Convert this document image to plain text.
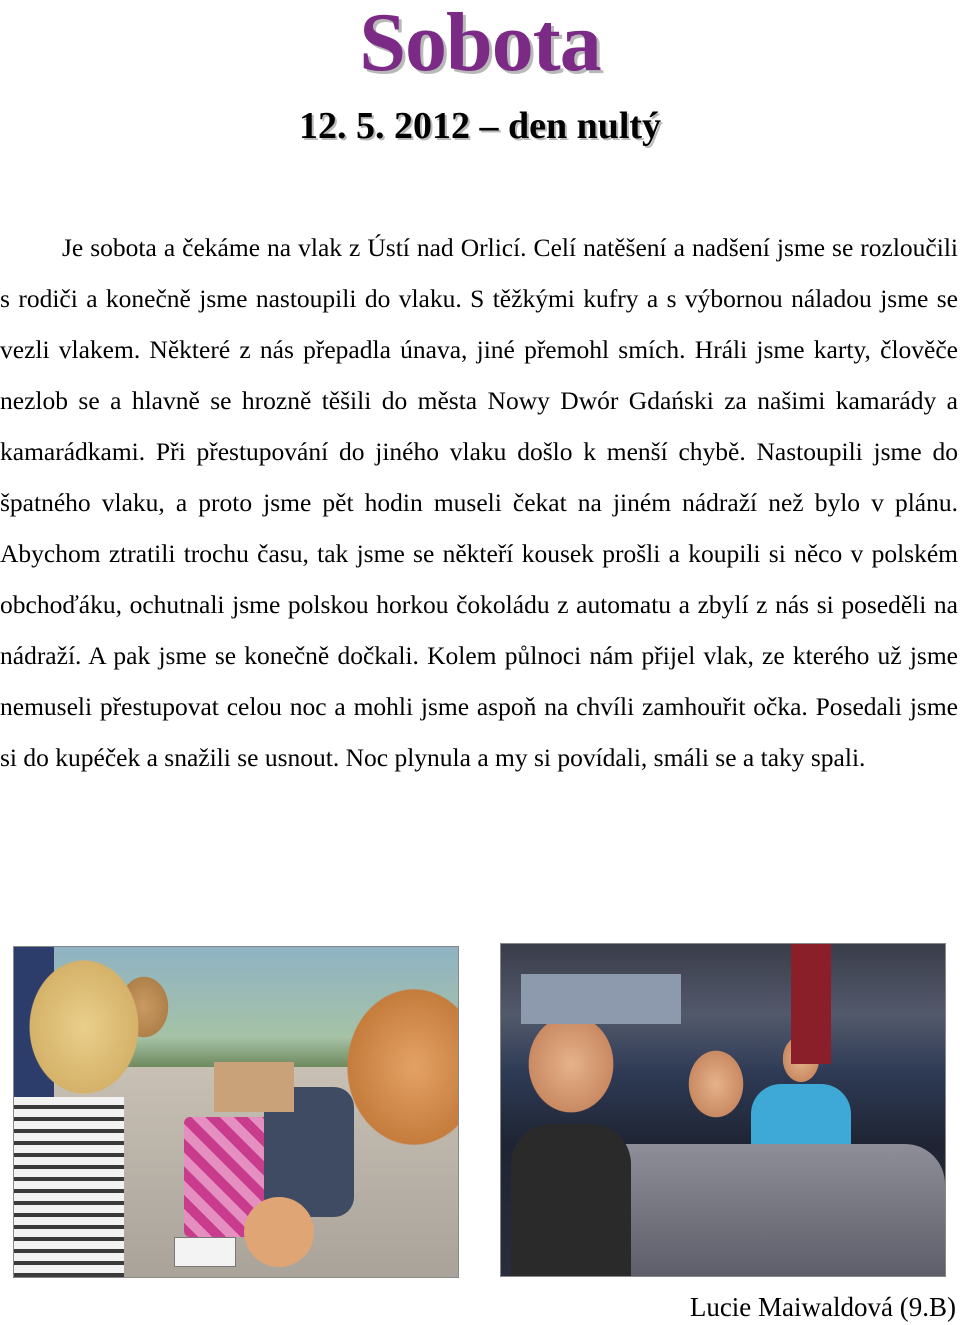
Sobota
12. 5. 2012 – den nultý

Je sobota a čekáme na vlak z Ústí nad Orlicí. Celí natěšení a nadšení jsme se rozloučili s rodiči a konečně jsme nastoupili do vlaku. S těžkými kufry a s výbornou náladou jsme se vezli vlakem. Některé z nás přepadla únava, jiné přemohl smích. Hráli jsme karty, člověče nezlob se a hlavně se hrozně těšili do města Nowy Dwór Gdański za našimi kamarády a kamarádkami. Při přestupování do jiného vlaku došlo k menší chybě. Nastoupili jsme do špatného vlaku, a proto jsme pět hodin museli čekat na jiném nádraží než bylo v plánu. Abychom ztratili trochu času, tak jsme se někteří kousek prošli a koupili si něco v polském obchoďáku, ochutnali jsme polskou horkou čokoládu z automatu a zbylí z nás si poseděli na nádraží. A pak jsme se konečně dočkali. Kolem půlnoci nám přijel vlak, ze kterého už jsme nemuseli přestupovat celou noc a mohli jsme aspoň na chvíli zamhouřit očka. Posedali jsme si do kupéček a snažili se usnout. Noc plynula a my si povídali, smáli se a taky spali.

Lucie Maiwaldová (9.B)
